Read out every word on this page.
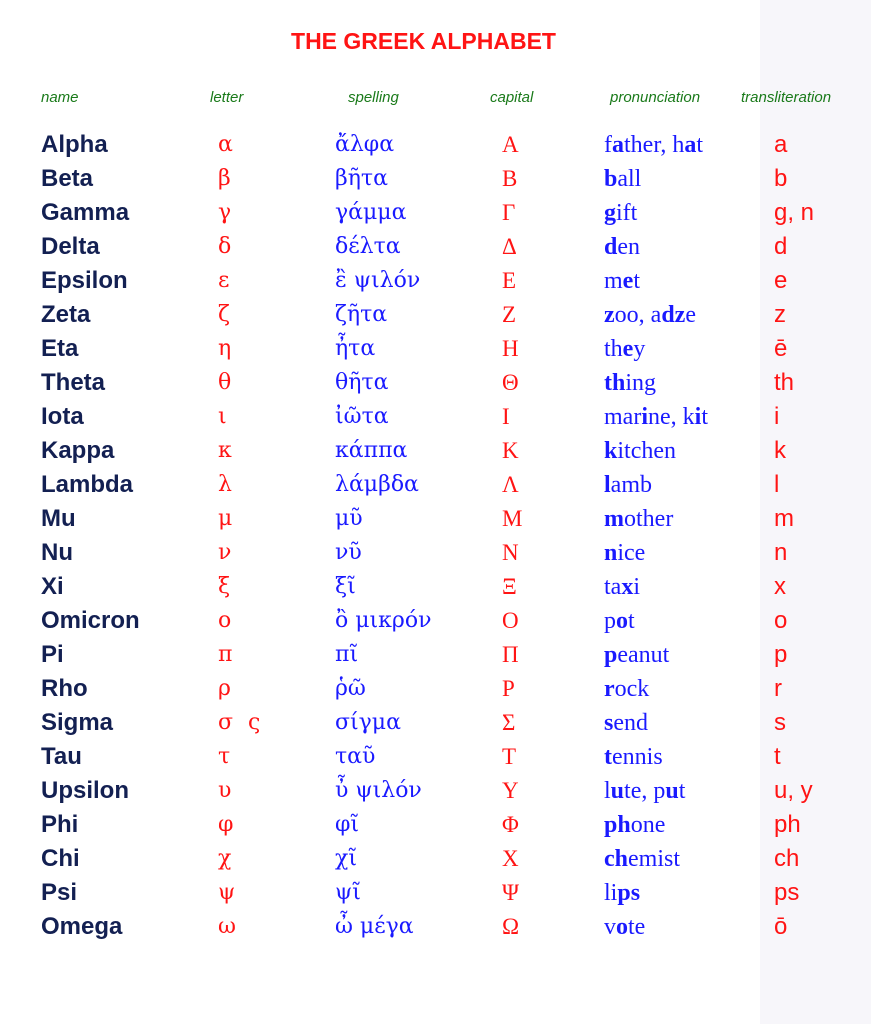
THE GREEK ALPHABET
name	letter	spelling	capital	pronunciation	transliteration
Alpha	α	ἄλφα	Α	father, hat	a
Beta	β	βῆτα	Β	ball	b
Gamma	γ	γάμμα	Γ	gift	g, n
Delta	δ	δέλτα	Δ	den	d
Epsilon	ε	ἒ ψιλόν	Ε	met	e
Zeta	ζ	ζῆτα	Ζ	zoo, adze	z
Eta	η	ἦτα	Η	they	ē
Theta	θ	θῆτα	Θ	thing	th
Iota	ι	ἰῶτα	Ι	marine, kit	i
Kappa	κ	κάππα	Κ	kitchen	k
Lambda	λ	λάμβδα	Λ	lamb	l
Mu	μ	μῦ	Μ	mother	m
Nu	ν	νῦ	Ν	nice	n
Xi	ξ	ξῖ	Ξ	taxi	x
Omicron	ο	ὂ μικρόν	Ο	pot	o
Pi	π	πῖ	Π	peanut	p
Rho	ρ	ῥῶ	Ρ	rock	r
Sigma	σ ς	σίγμα	Σ	send	s
Tau	τ	ταῦ	Τ	tennis	t
Upsilon	υ	ὖ ψιλόν	Υ	lute, put	u, y
Phi	φ	φῖ	Φ	phone	ph
Chi	χ	χῖ	Χ	chemist	ch
Psi	ψ	ψῖ	Ψ	lips	ps
Omega	ω	ὦ μέγα	Ω	vote	ō
